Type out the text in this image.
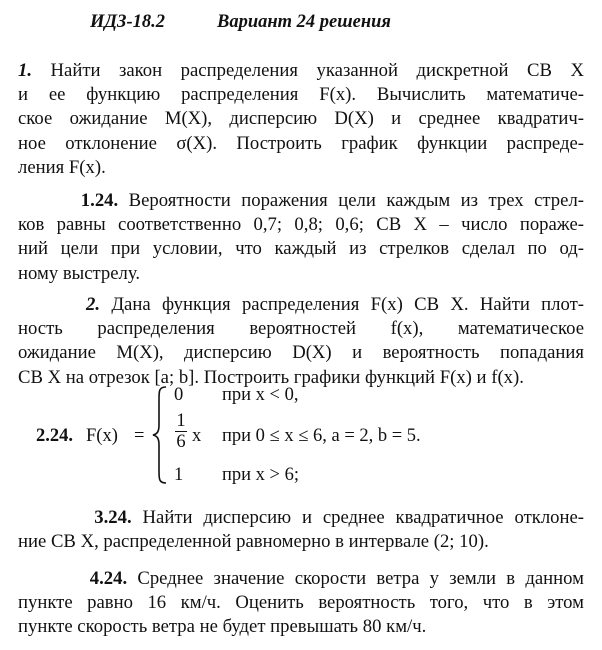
ИДЗ-18.2	Вариант 24 решения
1. Найти закон распределения указанной дискретной СВ X
и ее функцию распределения F(x). Вычислить математиче-
ское ожидание M(X), дисперсию D(X) и среднее квадратич-
ное отклонение σ(X). Построить график функции распреде-
ления F(x).
1.24. Вероятности поражения цели каждым из трех стрел-
ков равны соответственно 0,7; 0,8; 0,6; СВ X – число пораже-
ний цели при условии, что каждый из стрелков сделал по од-
ному выстрелу.
2. Дана функция распределения F(x) СВ X. Найти плот-
ность распределения вероятностей f(x), математическое
ожидание M(X), дисперсию D(X) и вероятность попадания
СВ X на отрезок [a; b]. Построить графики функций F(x) и f(x).
2.24. F(x) =
0 при x < 0,
1
6 x при 0 ≤ x ≤ 6, a = 2, b = 5.
1 при x > 6;
3.24. Найти дисперсию и среднее квадратичное отклоне-
ние СВ X, распределенной равномерно в интервале (2; 10).
4.24. Среднее значение скорости ветра у земли в данном
пункте равно 16 км/ч. Оценить вероятность того, что в этом
пункте скорость ветра не будет превышать 80 км/ч.
